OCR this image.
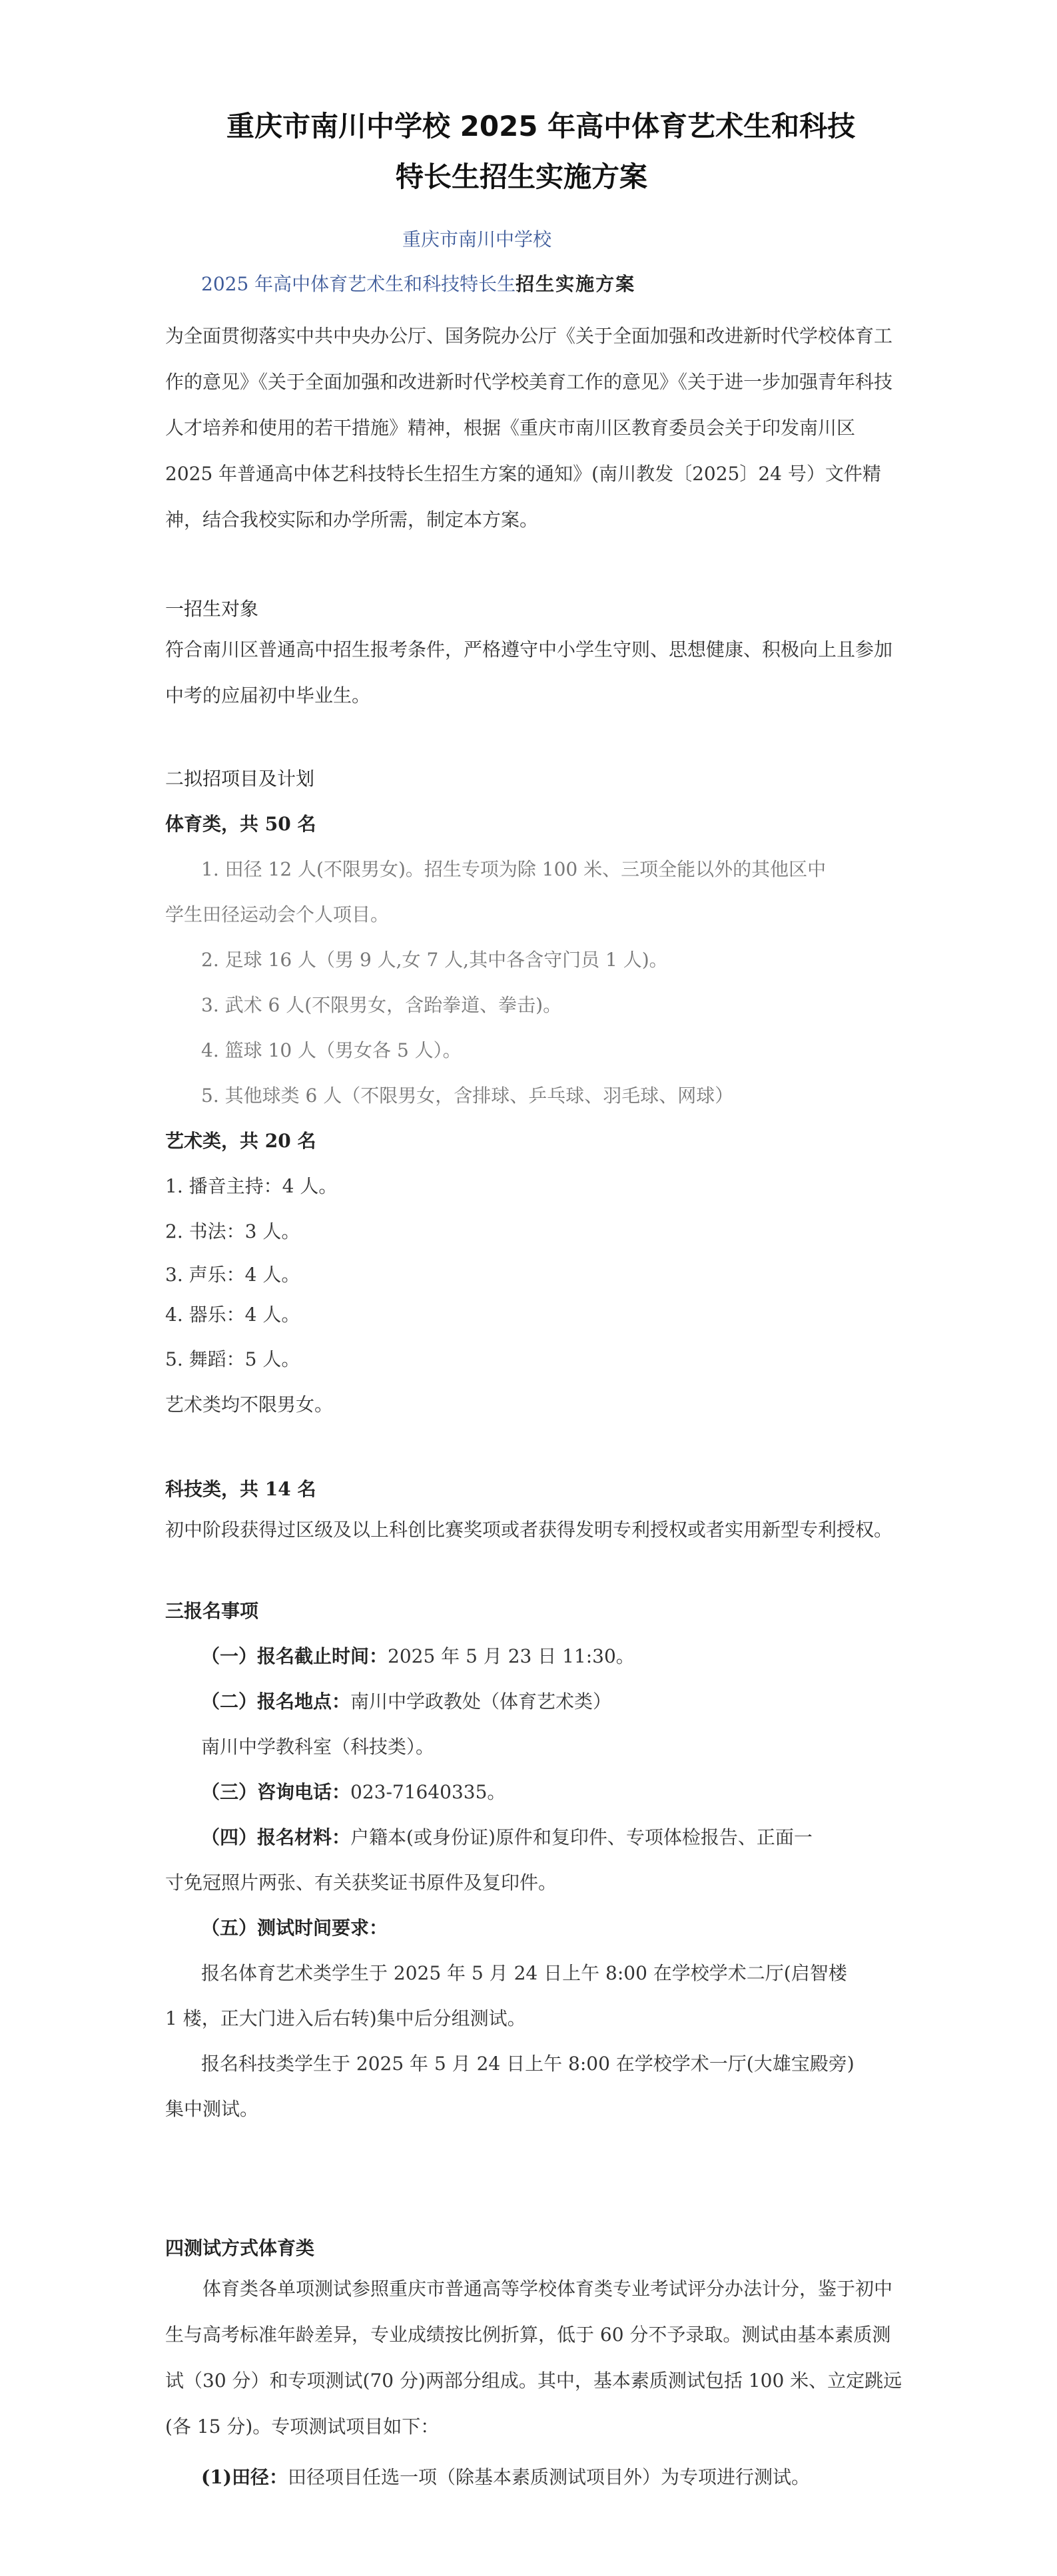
重庆市南川中学校 2025 年高中体育艺术生和科技
特长生招生实施方案
重庆市南川中学校
2025 年高中体育艺术生和科技特长生招生实施方案
为全面贯彻落实中共中央办公厅、国务院办公厅《关于全面加强和改进新时代学校体育工作的意见》《关于全面加强和改进新时代学校美育工作的意见》《关于进一步加强青年科技人才培养和使用的若干措施》精神，根据《重庆市南川区教育委员会关于印发南川区 2025 年普通高中体艺科技特长生招生方案的通知》(南川教发〔2025〕24 号）文件精神，结合我校实际和办学所需，制定本方案。
一招生对象
符合南川区普通高中招生报考条件，严格遵守中小学生守则、思想健康、积极向上且参加中考的应届初中毕业生。
二拟招项目及计划
体育类，共 50 名
1. 田径 12 人(不限男女)。招生专项为除 100 米、三项全能以外的其他区中
学生田径运动会个人项目。
2. 足球 16 人（男 9 人,女 7 人,其中各含守门员 1 人)。
3. 武术 6 人(不限男女，含跆拳道、拳击)。
4. 篮球 10 人（男女各 5 人）。
5. 其他球类 6 人（不限男女，含排球、乒乓球、羽毛球、网球）
艺术类，共 20 名
1. 播音主持：4 人。
2. 书法：3 人。
3. 声乐：4 人。
4. 器乐：4 人。
5. 舞蹈：5 人。
艺术类均不限男女。
科技类，共 14 名
初中阶段获得过区级及以上科创比赛奖项或者获得发明专利授权或者实用新型专利授权。
三报名事项
（一）报名截止时间：2025 年 5 月 23 日 11:30。
（二）报名地点：南川中学政教处（体育艺术类）
南川中学教科室（科技类）。
（三）咨询电话：023-71640335。
（四）报名材料：户籍本(或身份证)原件和复印件、专项体检报告、正面一
寸免冠照片两张、有关获奖证书原件及复印件。
（五）测试时间要求：
报名体育艺术类学生于 2025 年 5 月 24 日上午 8:00 在学校学术二厅(启智楼
1 楼，正大门进入后右转)集中后分组测试。
报名科技类学生于 2025 年 5 月 24 日上午 8:00 在学校学术一厅(大雄宝殿旁)
集中测试。
四测试方式体育类
体育类各单项测试参照重庆市普通高等学校体育类专业考试评分办法计分，鉴于初中生与高考标准年龄差异，专业成绩按比例折算，低于 60 分不予录取。测试由基本素质测试（30 分）和专项测试(70 分)两部分组成。其中，基本素质测试包括 100 米、立定跳远(各 15 分)。专项测试项目如下：
(1)田径：田径项目任选一项（除基本素质测试项目外）为专项进行测试。
